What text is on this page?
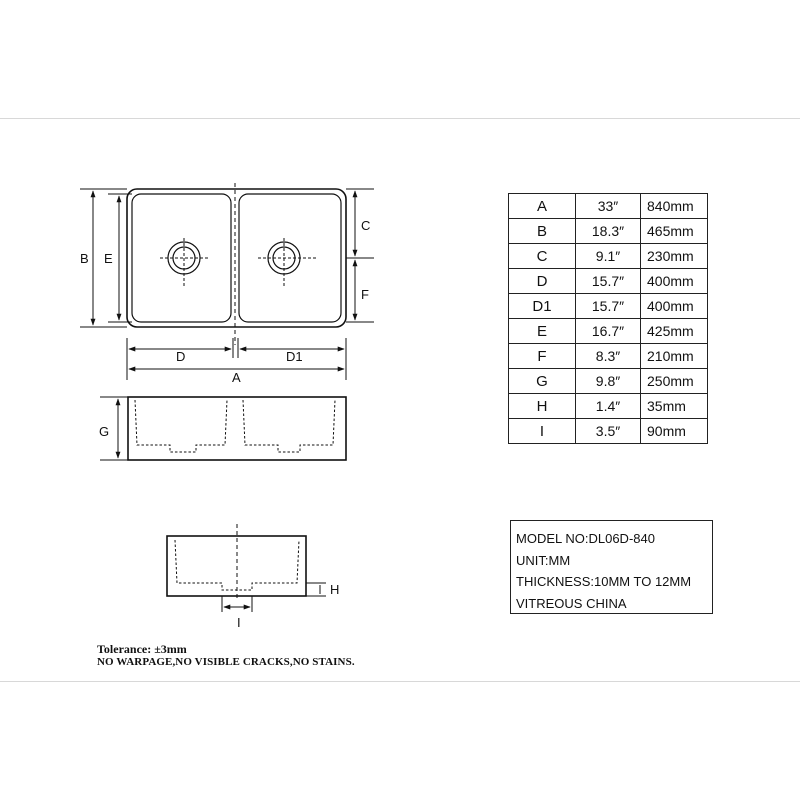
B E
C
F
D	D1
A
G
H
I
A	33″	840mm
B	18.3″	465mm
C	9.1″	230mm
D	15.7″	400mm
D1	15.7″	400mm
E	16.7″	425mm
F	8.3″	210mm
G	9.8″	250mm
H	1.4″	35mm
I	3.5″	90mm
MODEL NO:DL06D-840
UNIT:MM
THICKNESS:10MM TO 12MM
VITREOUS CHINA
Tolerance: ±3mm
NO WARPAGE,NO VISIBLE CRACKS,NO STAINS.
